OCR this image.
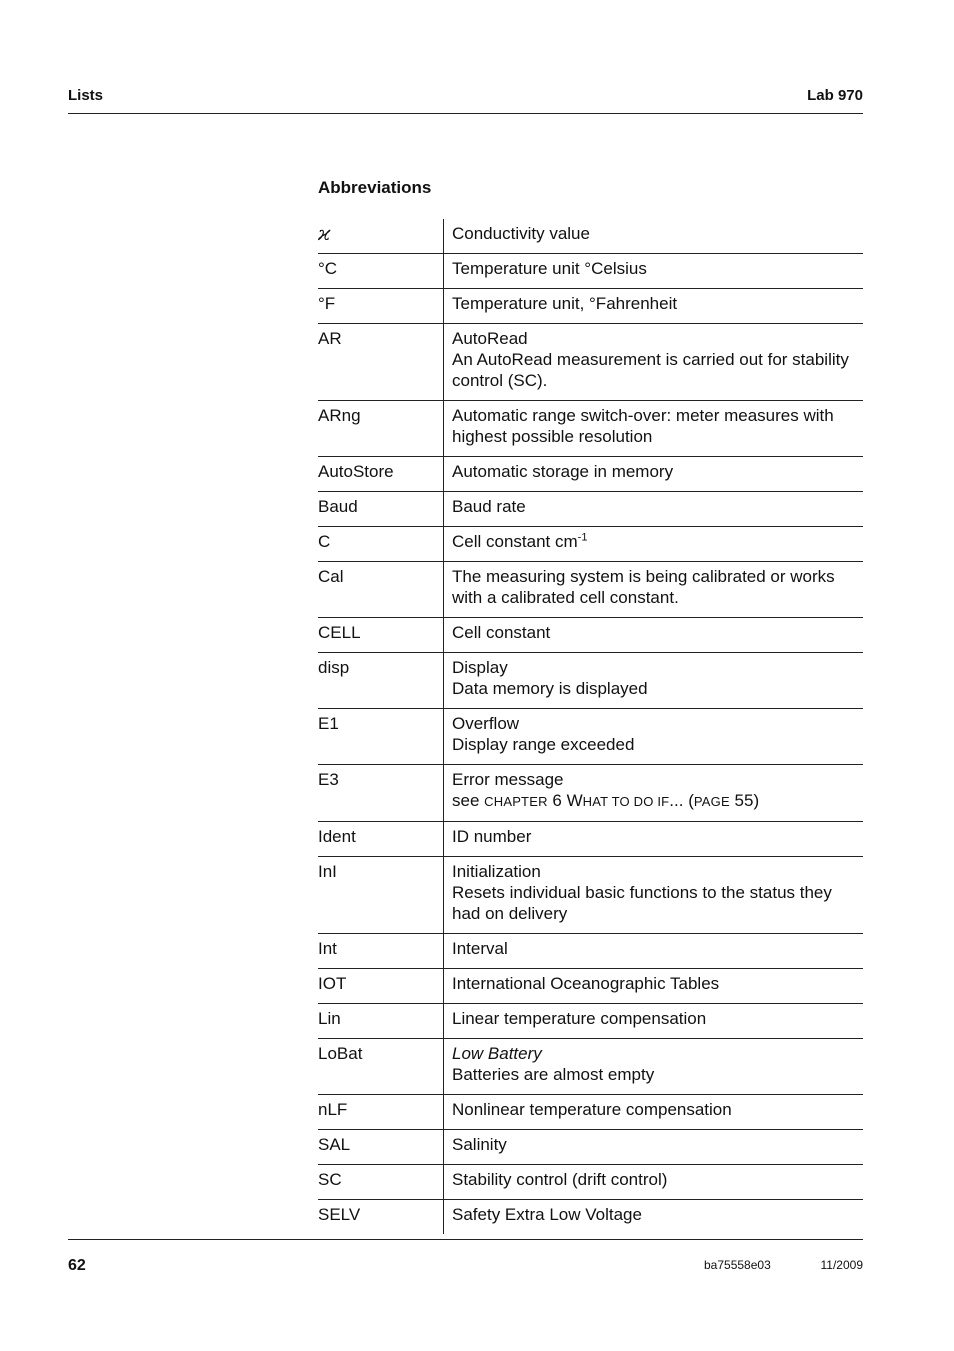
Lists	Lab 970
Abbreviations
ϰ	Conductivity value

°C	Temperature unit °Celsius

°F	Temperature unit, °Fahrenheit

AR	AutoRead
An AutoRead measurement is carried out for stability control (SC).

ARng	Automatic range switch-over: meter measures with highest possible resolution

AutoStore	Automatic storage in memory

Baud	Baud rate

C	Cell constant $cm^{-1}$

Cal	The measuring system is being calibrated or works with a calibrated cell constant.

CELL	Cell constant

disp	Display
Data memory is displayed

E1	Overflow
Display range exceeded

E3	Error message
see CHAPTER 6 WHAT TO DO IF... (PAGE 55)

Ident	ID number

InI	Initialization
Resets individual basic functions to the status they had on delivery

Int	Interval

IOT	International Oceanographic Tables

Lin	Linear temperature compensation

LoBat	Low Battery
Batteries are almost empty

nLF	Nonlinear temperature compensation

SAL	Salinity

SC	Stability control (drift control)

SELV	Safety Extra Low Voltage
62	ba75558e03	11/2009
